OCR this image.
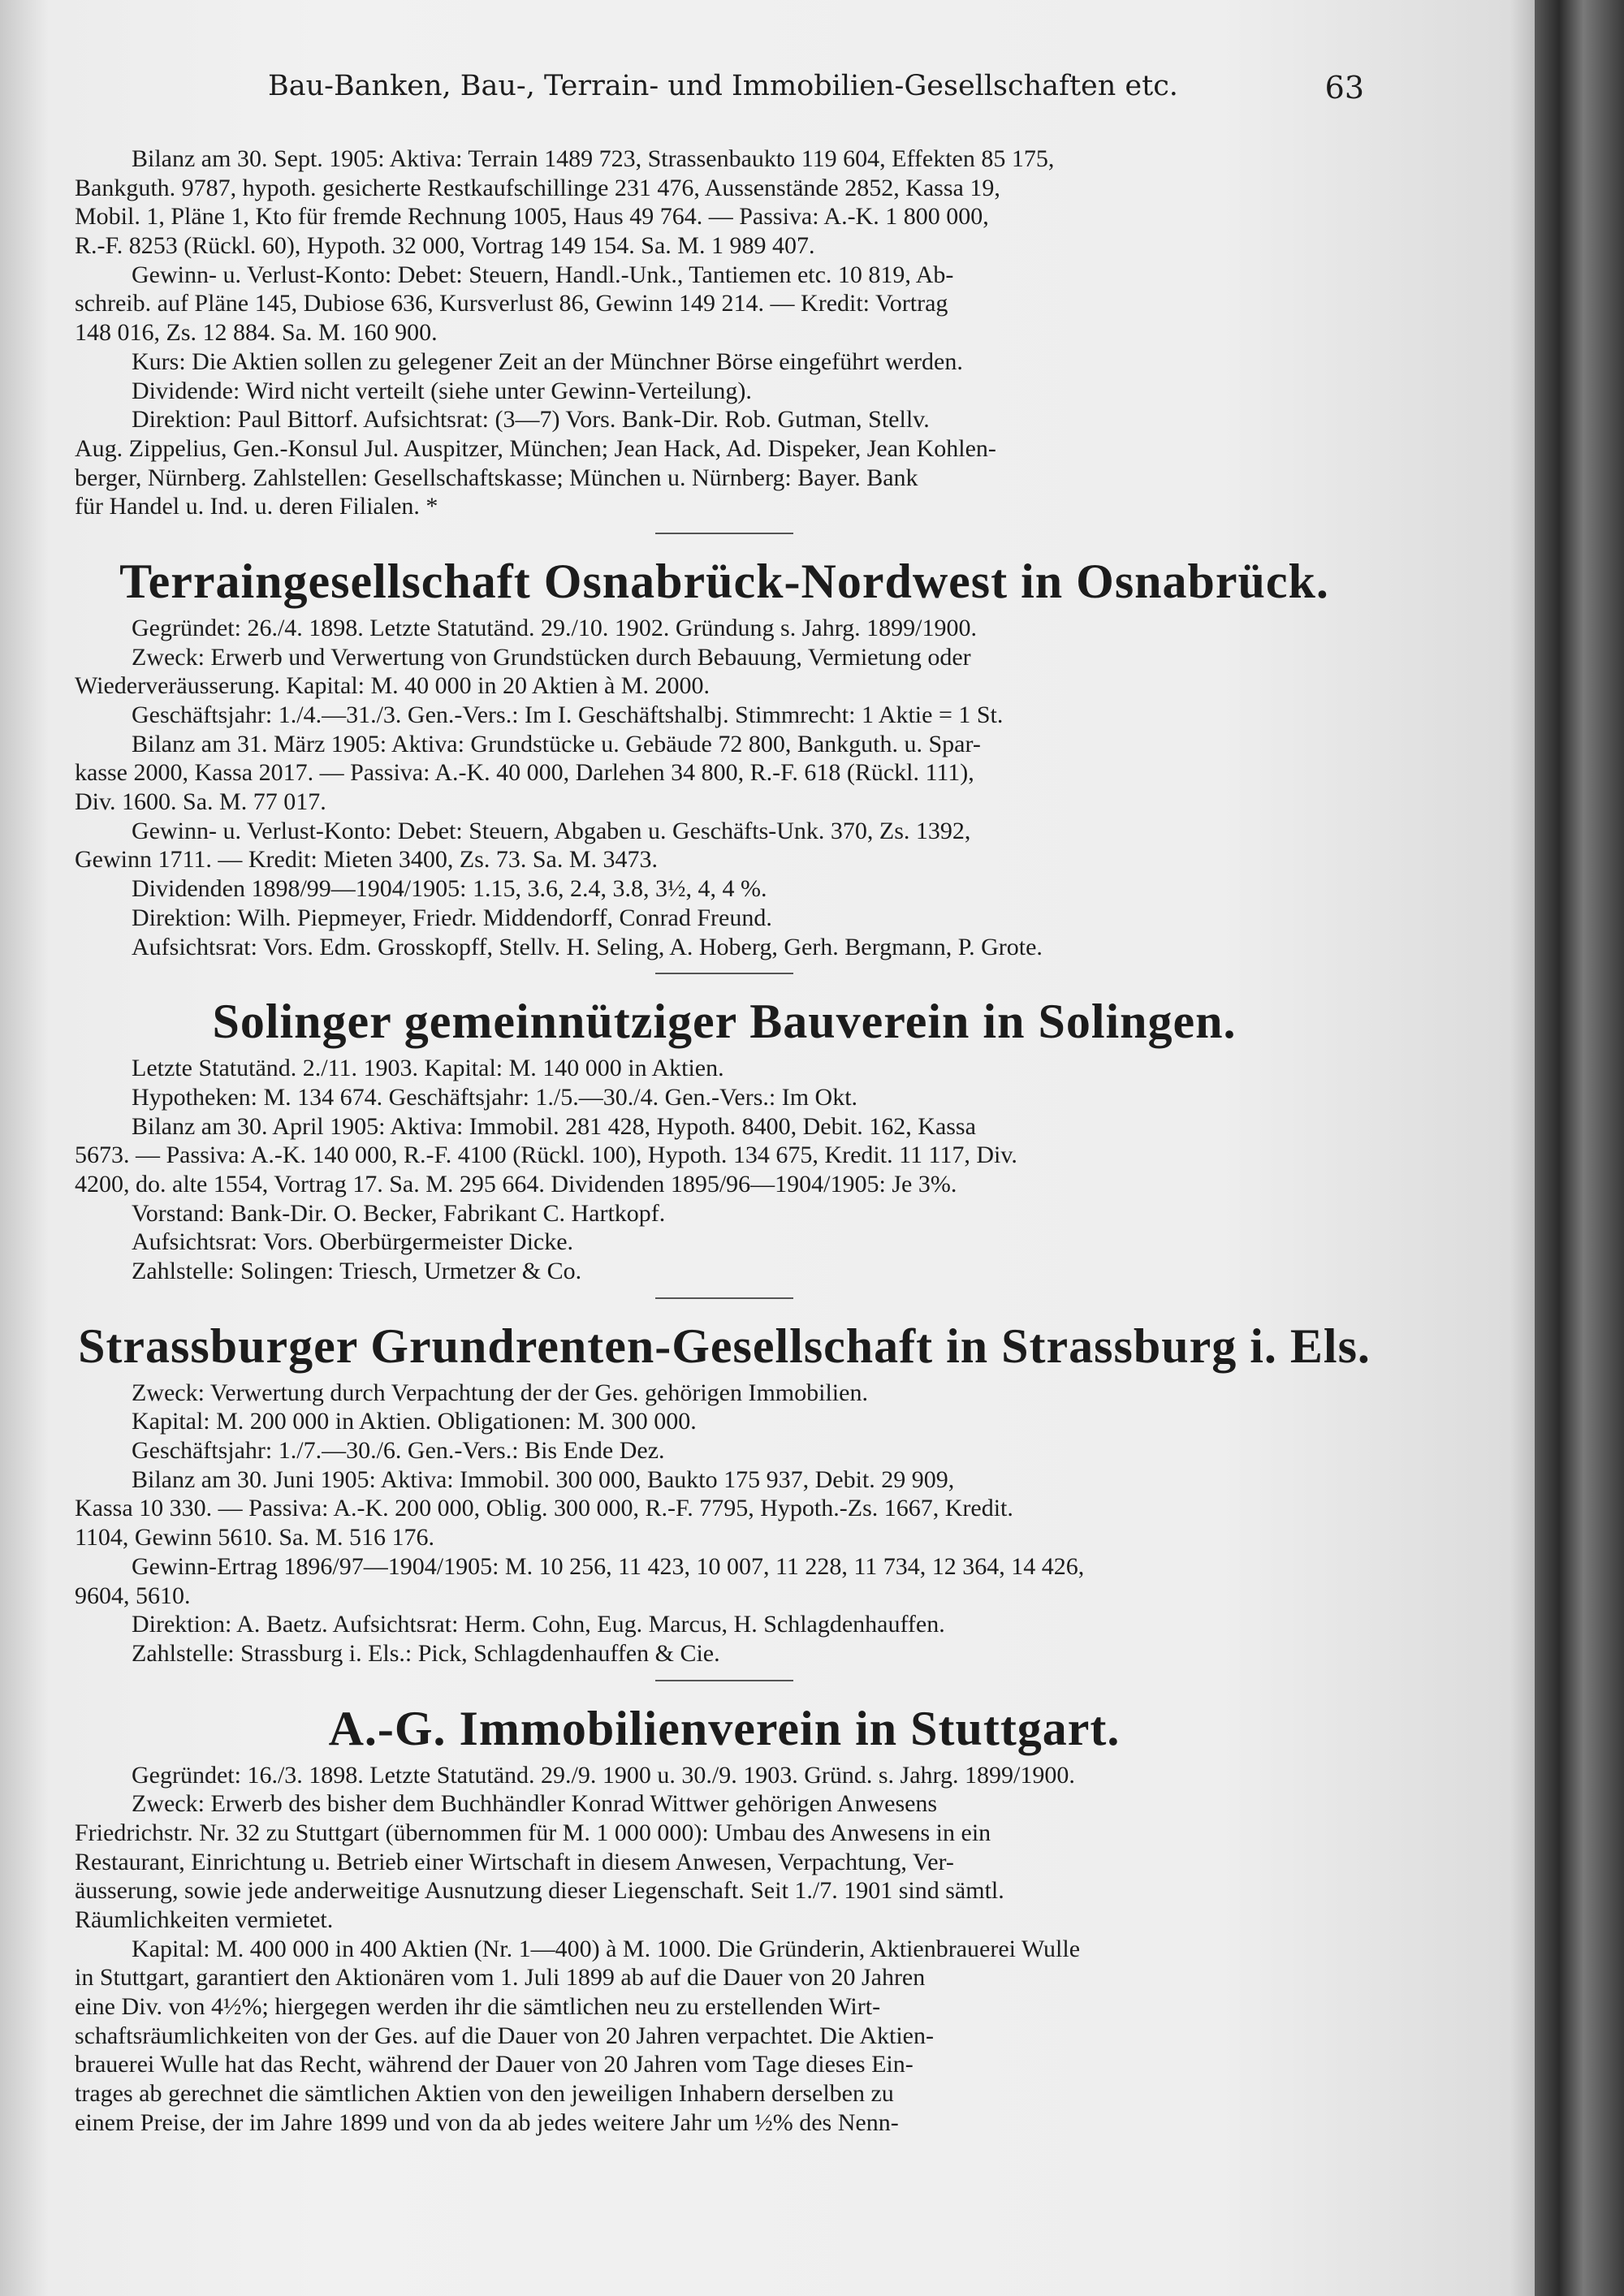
Bau-Banken, Bau-, Terrain- und Immobilien-Gesellschaften etc.	63
Bilanz am 30. Sept. 1905: Aktiva: Terrain 1489 723, Strassenbaukto 119 604, Effekten 85 175,
Bankguth. 9787, hypoth. gesicherte Restkaufschillinge 231 476, Aussenstände 2852, Kassa 19,
Mobil. 1, Pläne 1, Kto für fremde Rechnung 1005, Haus 49 764. — Passiva: A.-K. 1 800 000,
R.-F. 8253 (Rückl. 60), Hypoth. 32 000, Vortrag 149 154. Sa. M. 1 989 407.
Gewinn- u. Verlust-Konto: Debet: Steuern, Handl.-Unk., Tantiemen etc. 10 819, Ab-
schreib. auf Pläne 145, Dubiose 636, Kursverlust 86, Gewinn 149 214. — Kredit: Vortrag
148 016, Zs. 12 884. Sa. M. 160 900.
Kurs: Die Aktien sollen zu gelegener Zeit an der Münchner Börse eingeführt werden.
Dividende: Wird nicht verteilt (siehe unter Gewinn-Verteilung).
Direktion: Paul Bittorf. Aufsichtsrat: (3—7) Vors. Bank-Dir. Rob. Gutman, Stellv.
Aug. Zippelius, Gen.-Konsul Jul. Auspitzer, München; Jean Hack, Ad. Dispeker, Jean Kohlen-
berger, Nürnberg. Zahlstellen: Gesellschaftskasse; München u. Nürnberg: Bayer. Bank
für Handel u. Ind. u. deren Filialen. *
Terraingesellschaft Osnabrück-Nordwest in Osnabrück.
Gegründet: 26./4. 1898. Letzte Statutänd. 29./10. 1902. Gründung s. Jahrg. 1899/1900.
Zweck: Erwerb und Verwertung von Grundstücken durch Bebauung, Vermietung oder
Wiederveräusserung. Kapital: M. 40 000 in 20 Aktien à M. 2000.
Geschäftsjahr: 1./4.—31./3. Gen.-Vers.: Im I. Geschäftshalbj. Stimmrecht: 1 Aktie = 1 St.
Bilanz am 31. März 1905: Aktiva: Grundstücke u. Gebäude 72 800, Bankguth. u. Spar-
kasse 2000, Kassa 2017. — Passiva: A.-K. 40 000, Darlehen 34 800, R.-F. 618 (Rückl. 111),
Div. 1600. Sa. M. 77 017.
Gewinn- u. Verlust-Konto: Debet: Steuern, Abgaben u. Geschäfts-Unk. 370, Zs. 1392,
Gewinn 1711. — Kredit: Mieten 3400, Zs. 73. Sa. M. 3473.
Dividenden 1898/99—1904/1905: 1.15, 3.6, 2.4, 3.8, 3½, 4, 4 %.
Direktion: Wilh. Piepmeyer, Friedr. Middendorff, Conrad Freund.
Aufsichtsrat: Vors. Edm. Grosskopff, Stellv. H. Seling, A. Hoberg, Gerh. Bergmann, P. Grote.
Solinger gemeinnütziger Bauverein in Solingen.
Letzte Statutänd. 2./11. 1903. Kapital: M. 140 000 in Aktien.
Hypotheken: M. 134 674. Geschäftsjahr: 1./5.—30./4. Gen.-Vers.: Im Okt.
Bilanz am 30. April 1905: Aktiva: Immobil. 281 428, Hypoth. 8400, Debit. 162, Kassa
5673. — Passiva: A.-K. 140 000, R.-F. 4100 (Rückl. 100), Hypoth. 134 675, Kredit. 11 117, Div.
4200, do. alte 1554, Vortrag 17. Sa. M. 295 664. Dividenden 1895/96—1904/1905: Je 3%.
Vorstand: Bank-Dir. O. Becker, Fabrikant C. Hartkopf.
Aufsichtsrat: Vors. Oberbürgermeister Dicke.
Zahlstelle: Solingen: Triesch, Urmetzer & Co.
Strassburger Grundrenten-Gesellschaft in Strassburg i. Els.
Zweck: Verwertung durch Verpachtung der der Ges. gehörigen Immobilien.
Kapital: M. 200 000 in Aktien. Obligationen: M. 300 000.
Geschäftsjahr: 1./7.—30./6. Gen.-Vers.: Bis Ende Dez.
Bilanz am 30. Juni 1905: Aktiva: Immobil. 300 000, Baukto 175 937, Debit. 29 909,
Kassa 10 330. — Passiva: A.-K. 200 000, Oblig. 300 000, R.-F. 7795, Hypoth.-Zs. 1667, Kredit.
1104, Gewinn 5610. Sa. M. 516 176.
Gewinn-Ertrag 1896/97—1904/1905: M. 10 256, 11 423, 10 007, 11 228, 11 734, 12 364, 14 426,
9604, 5610.
Direktion: A. Baetz. Aufsichtsrat: Herm. Cohn, Eug. Marcus, H. Schlagdenhauffen.
Zahlstelle: Strassburg i. Els.: Pick, Schlagdenhauffen & Cie.
A.-G. Immobilienverein in Stuttgart.
Gegründet: 16./3. 1898. Letzte Statutänd. 29./9. 1900 u. 30./9. 1903. Gründ. s. Jahrg. 1899/1900.
Zweck: Erwerb des bisher dem Buchhändler Konrad Wittwer gehörigen Anwesens
Friedrichstr. Nr. 32 zu Stuttgart (übernommen für M. 1 000 000): Umbau des Anwesens in ein
Restaurant, Einrichtung u. Betrieb einer Wirtschaft in diesem Anwesen, Verpachtung, Ver-
äusserung, sowie jede anderweitige Ausnutzung dieser Liegenschaft. Seit 1./7. 1901 sind sämtl.
Räumlichkeiten vermietet.
Kapital: M. 400 000 in 400 Aktien (Nr. 1—400) à M. 1000. Die Gründerin, Aktienbrauerei Wulle
in Stuttgart, garantiert den Aktionären vom 1. Juli 1899 ab auf die Dauer von 20 Jahren
eine Div. von 4½%; hiergegen werden ihr die sämtlichen neu zu erstellenden Wirt-
schaftsräumlichkeiten von der Ges. auf die Dauer von 20 Jahren verpachtet. Die Aktien-
brauerei Wulle hat das Recht, während der Dauer von 20 Jahren vom Tage dieses Ein-
trages ab gerechnet die sämtlichen Aktien von den jeweiligen Inhabern derselben zu
einem Preise, der im Jahre 1899 und von da ab jedes weitere Jahr um ½% des Nenn-
